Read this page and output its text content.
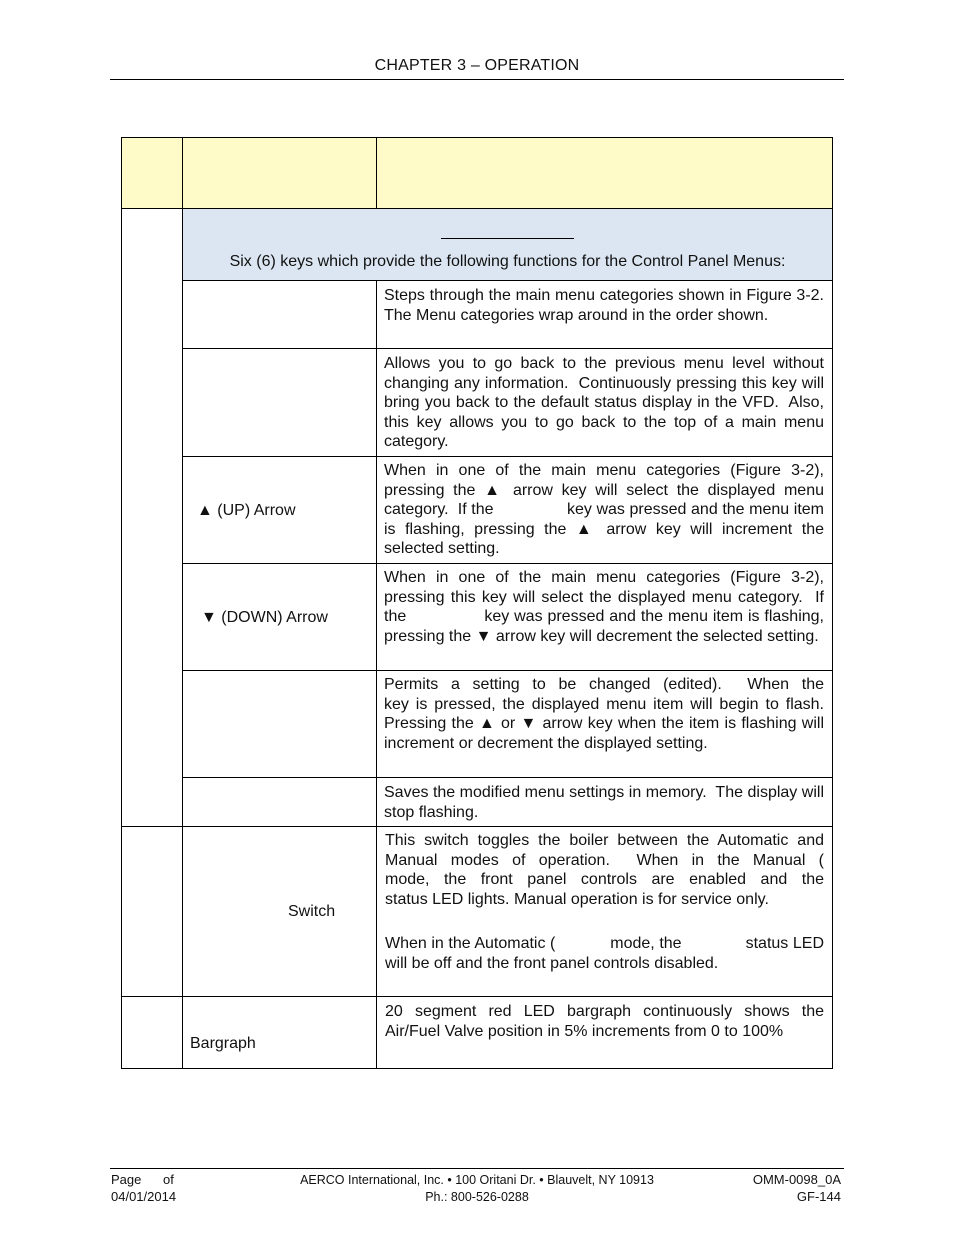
CHAPTER 3 – OPERATION
Six (6) keys which provide the following functions for the Control Panel Menus:
Steps through the main menu categories shown in Figure 3-2.  The Menu categories wrap around in the order shown.
Allows you to go back to the previous menu level without changing any information.  Continuously pressing this key will bring you back to the default status display in the VFD.  Also, this key allows you to go back to the top of a main menu category.
▲ (UP) Arrow
When in one of the main menu categories (Figure 3-2), pressing the ▲ arrow key will select the displayed menu category.  If the                key was pressed and the menu item is flashing, pressing the ▲ arrow key will increment the selected setting.
▼ (DOWN) Arrow
When in one of the main menu categories (Figure 3-2), pressing this key will select the displayed menu category.  If the                key was pressed and the menu item is flashing, pressing the ▼ arrow key will decrement the selected setting.
Permits a setting to be changed (edited).  When the                key is pressed, the displayed menu item will begin to flash.  Pressing the ▲ or ▼ arrow key when the item is flashing will increment or decrement the displayed setting.
Saves the modified menu settings in memory.  The display will stop flashing.
Switch
This switch toggles the boiler between the Automatic and Manual modes of operation.  When in the Manual (            mode, the front panel controls are enabled and the              status LED lights. Manual operation is for service only.
When in the Automatic (            mode, the              status LED will be off and the front panel controls disabled.
Bargraph
20 segment red LED bargraph continuously shows the Air/Fuel Valve position in 5% increments from 0 to 100%
Page      of
04/01/2014
AERCO International, Inc. • 100 Oritani Dr. • Blauvelt, NY 10913
Ph.: 800-526-0288
OMM-0098_0A
GF-144
